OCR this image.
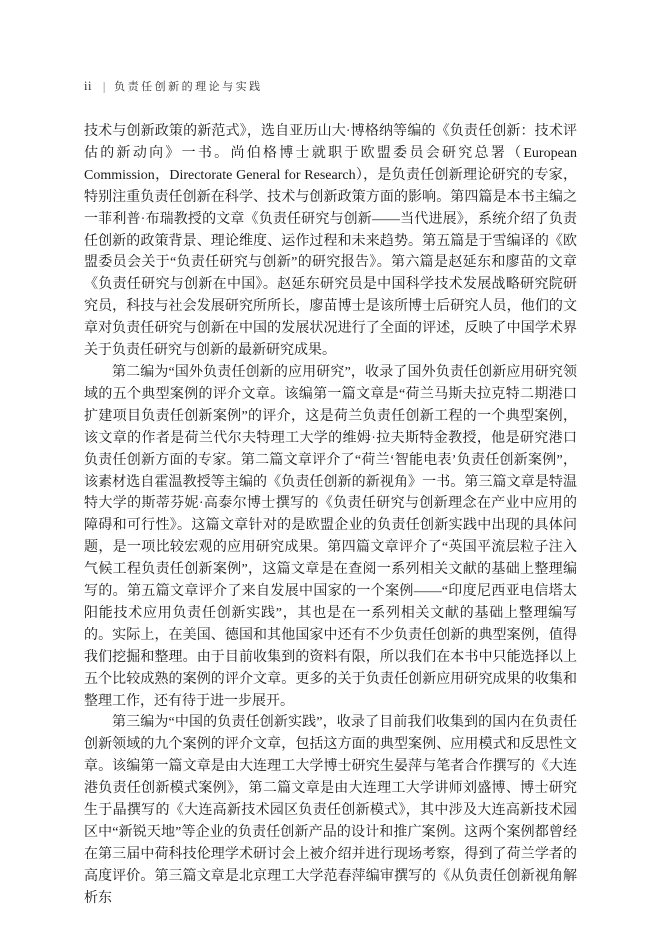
ii | 负责任创新的理论与实践

技术与创新政策的新范式》，选自亚历山大·博格纳等编的《负责任创新：技术评估的新动向》一书。尚伯格博士就职于欧盟委员会研究总署（European Commission，Directorate General for Research），是负责任创新理论研究的专家，特别注重负责任创新在科学、技术与创新政策方面的影响。第四篇是本书主编之一菲利普·布瑞教授的文章《负责任研究与创新——当代进展》，系统介绍了负责任创新的政策背景、理论维度、运作过程和未来趋势。第五篇是于雪编译的《欧盟委员会关于“负责任研究与创新”的研究报告》。第六篇是赵延东和廖苗的文章《负责任研究与创新在中国》。赵延东研究员是中国科学技术发展战略研究院研究员，科技与社会发展研究所所长，廖苗博士是该所博士后研究人员，他们的文章对负责任研究与创新在中国的发展状况进行了全面的评述，反映了中国学术界关于负责任研究与创新的最新研究成果。

第二编为“国外负责任创新的应用研究”，收录了国外负责任创新应用研究领域的五个典型案例的评介文章。该编第一篇文章是“荷兰马斯夫拉克特二期港口扩建项目负责任创新案例”的评介，这是荷兰负责任创新工程的一个典型案例，该文章的作者是荷兰代尔夫特理工大学的维姆·拉夫斯特金教授，他是研究港口负责任创新方面的专家。第二篇文章评介了“荷兰‘智能电表’负责任创新案例”，该素材选自霍温教授等主编的《负责任创新的新视角》一书。第三篇文章是特温特大学的斯蒂芬妮·高泰尔博士撰写的《负责任研究与创新理念在产业中应用的障碍和可行性》。这篇文章针对的是欧盟企业的负责任创新实践中出现的具体问题，是一项比较宏观的应用研究成果。第四篇文章评介了“英国平流层粒子注入气候工程负责任创新案例”，这篇文章是在查阅一系列相关文献的基础上整理编写的。第五篇文章评介了来自发展中国家的一个案例——“印度尼西亚电信塔太阳能技术应用负责任创新实践”，其也是在一系列相关文献的基础上整理编写的。实际上，在美国、德国和其他国家中还有不少负责任创新的典型案例，值得我们挖掘和整理。由于目前收集到的资料有限，所以我们在本书中只能选择以上五个比较成熟的案例的评介文章。更多的关于负责任创新应用研究成果的收集和整理工作，还有待于进一步展开。

第三编为“中国的负责任创新实践”，收录了目前我们收集到的国内在负责任创新领域的九个案例的评介文章，包括这方面的典型案例、应用模式和反思性文章。该编第一篇文章是由大连理工大学博士研究生晏萍与笔者合作撰写的《大连港负责任创新模式案例》，第二篇文章是由大连理工大学讲师刘盛博、博士研究生于晶撰写的《大连高新技术园区负责任创新模式》，其中涉及大连高新技术园区中“新锐天地”等企业的负责任创新产品的设计和推广案例。这两个案例都曾经在第三届中荷科技伦理学术研讨会上被介绍并进行现场考察，得到了荷兰学者的高度评价。第三篇文章是北京理工大学范春萍编审撰写的《从负责任创新视角解析东
